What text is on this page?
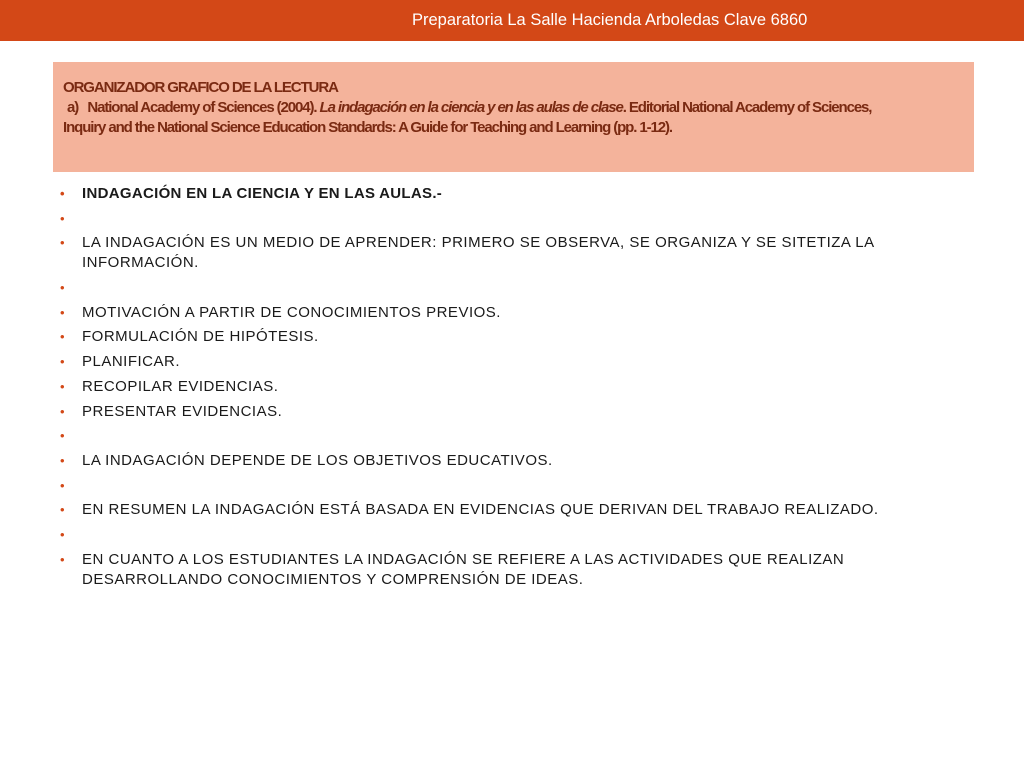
Preparatoria La Salle Hacienda Arboledas Clave 6860
ORGANIZADOR GRAFICO DE LA LECTURA
a) National Academy of Sciences (2004). La indagación en la ciencia y en las aulas de clase. Editorial National Academy of Sciences,
Inquiry and the National Science Education Standards: A Guide for Teaching and Learning (pp. 1-12).
• INDAGACIÓN EN LA CIENCIA Y EN LAS AULAS.-
•
• LA INDAGACIÓN ES UN MEDIO DE APRENDER: PRIMERO SE OBSERVA, SE ORGANIZA Y SE SITETIZA LA INFORMACIÓN.
•
• MOTIVACIÓN A PARTIR DE CONOCIMIENTOS PREVIOS.
• FORMULACIÓN DE HIPÓTESIS.
• PLANIFICAR.
• RECOPILAR EVIDENCIAS.
• PRESENTAR EVIDENCIAS.
•
• LA INDAGACIÓN DEPENDE DE LOS OBJETIVOS EDUCATIVOS.
•
• EN RESUMEN LA INDAGACIÓN ESTÁ BASADA EN EVIDENCIAS QUE DERIVAN DEL TRABAJO REALIZADO.
•
• EN CUANTO A LOS ESTUDIANTES LA INDAGACIÓN SE REFIERE A LAS ACTIVIDADES QUE REALIZAN DESARROLLANDO CONOCIMIENTOS Y COMPRENSIÓN DE IDEAS.
